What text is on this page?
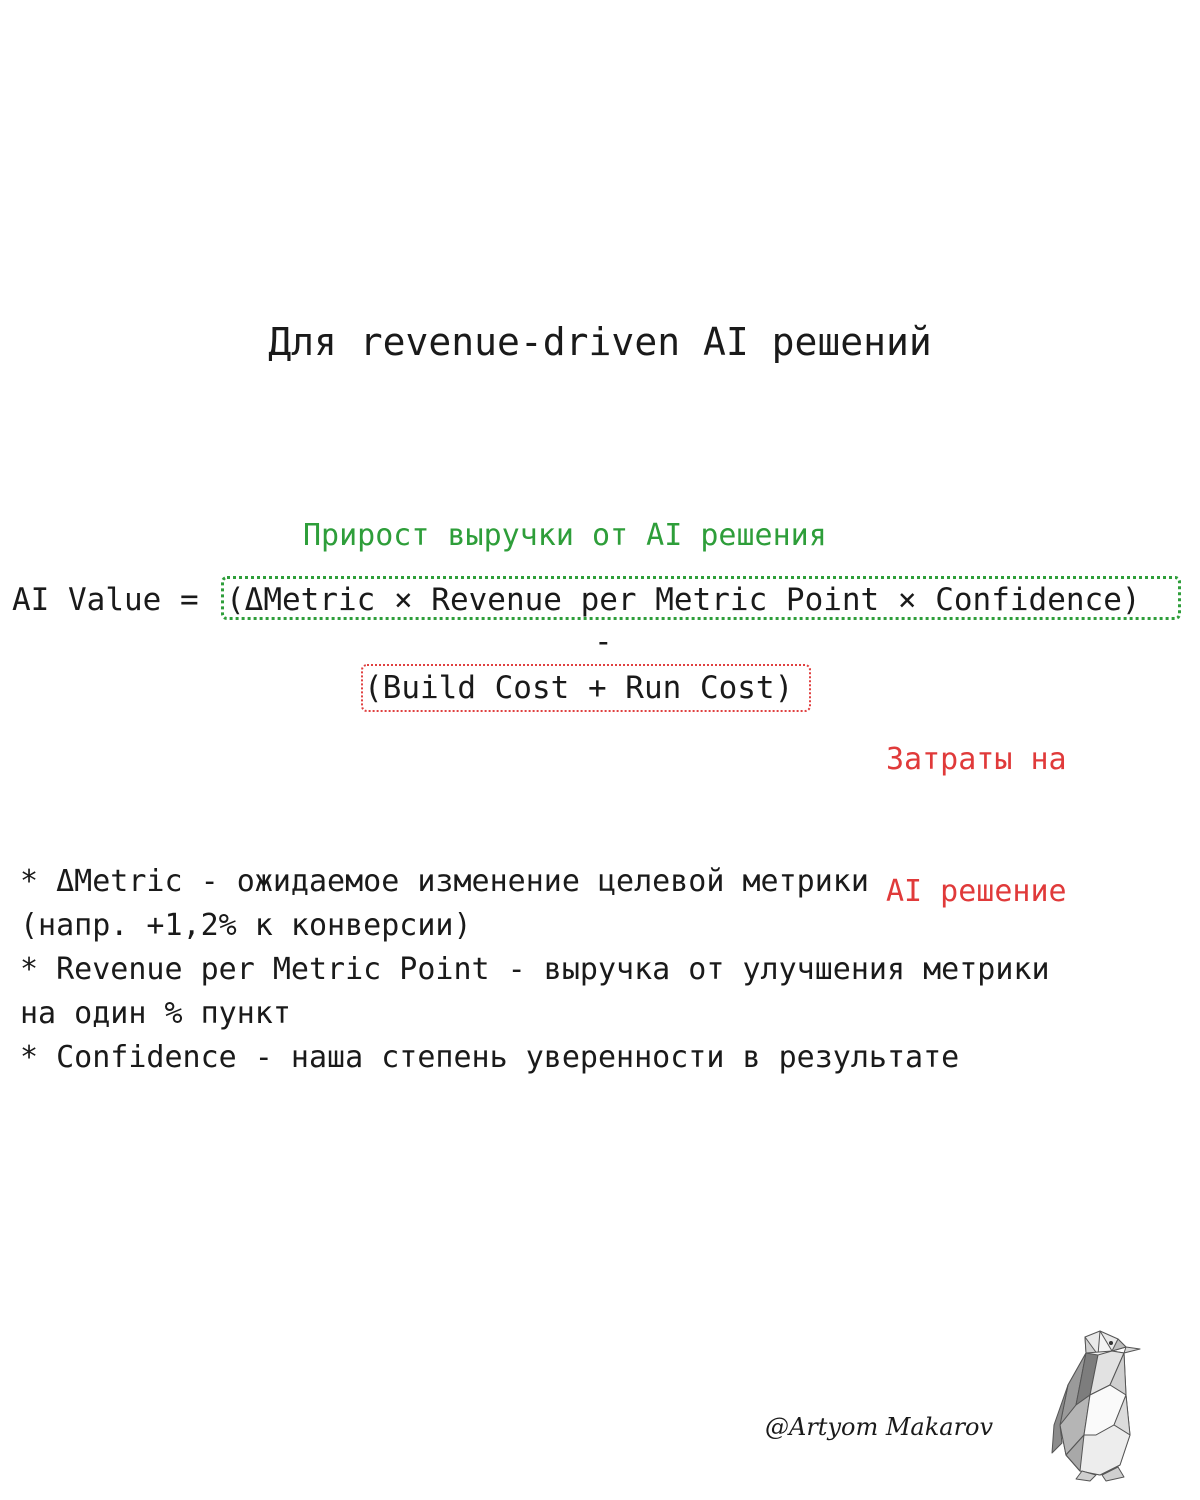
Для revenue-driven AI решений
Прирост выручки от AI решения
AI Value = (ΔMetric × Revenue per Metric Point × Confidence)
-
(Build Cost + Run Cost)

Затраты на

AI решение

* ΔMetric - ожидаемое изменение целевой метрики
(напр. +1,2% к конверсии)
* Revenue per Metric Point - выручка от улучшения метрики
на один % пункт
* Confidence - наша степень уверенности в результате
@Artyom Makarov
